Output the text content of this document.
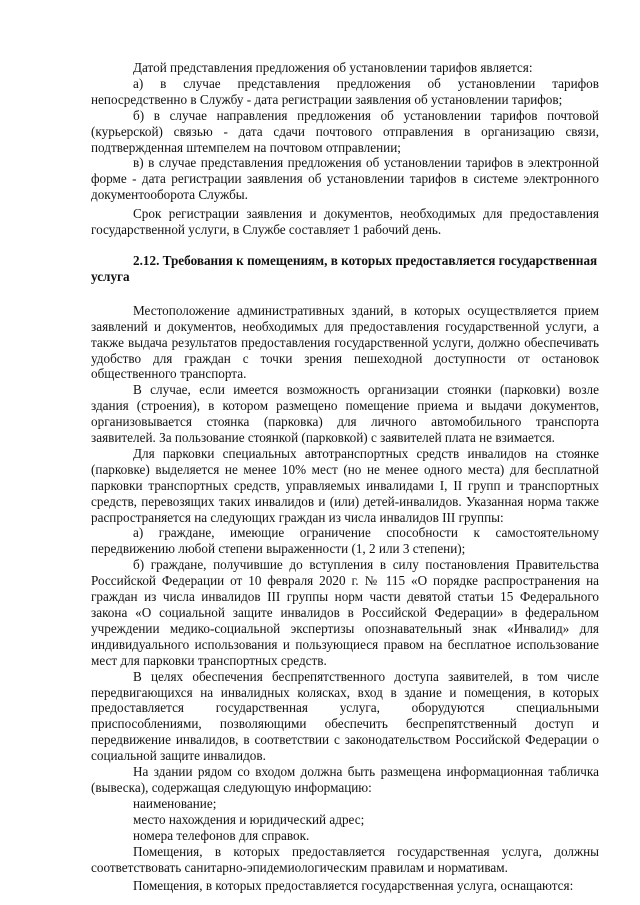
Датой представления предложения об установлении тарифов является:

а) в случае представления предложения об установлении тарифов непосредственно в Службу - дата регистрации заявления об установлении тарифов;

б) в случае направления предложения об установлении тарифов почтовой (курьерской) связью - дата сдачи почтового отправления в организацию связи, подтвержденная штемпелем на почтовом отправлении;

в) в случае представления предложения об установлении тарифов в электронной форме - дата регистрации заявления об установлении тарифов в системе электронного документооборота Службы.

Срок регистрации заявления и документов, необходимых для предоставления государственной услуги, в Службе составляет 1 рабочий день.

2.12. Требования к помещениям, в которых предоставляется государственная услуга

Местоположение административных зданий, в которых осуществляется прием заявлений и документов, необходимых для предоставления государственной услуги, а также выдача результатов предоставления государственной услуги, должно обеспечивать удобство для граждан с точки зрения пешеходной доступности от остановок общественного транспорта.

В случае, если имеется возможность организации стоянки (парковки) возле здания (строения), в котором размещено помещение приема и выдачи документов, организовывается стоянка (парковка) для личного автомобильного транспорта заявителей. За пользование стоянкой (парковкой) с заявителей плата не взимается.

Для парковки специальных автотранспортных средств инвалидов на стоянке (парковке) выделяется не менее 10% мест (но не менее одного места) для бесплатной парковки транспортных средств, управляемых инвалидами I, II групп и транспортных средств, перевозящих таких инвалидов и (или) детей-инвалидов. Указанная норма также распространяется на следующих граждан из числа инвалидов III группы:

а) граждане, имеющие ограничение способности к самостоятельному передвижению любой степени выраженности (1, 2 или 3 степени);

б) граждане, получившие до вступления в силу постановления Правительства Российской Федерации от 10 февраля 2020 г. № 115 «О порядке распространения на граждан из числа инвалидов III группы норм части девятой статьи 15 Федерального закона «О социальной защите инвалидов в Российской Федерации» в федеральном учреждении медико-социальной экспертизы опознавательный знак «Инвалид» для индивидуального использования и пользующиеся правом на бесплатное использование мест для парковки транспортных средств.

В целях обеспечения беспрепятственного доступа заявителей, в том числе передвигающихся на инвалидных колясках, вход в здание и помещения, в которых предоставляется государственная услуга, оборудуются специальными приспособлениями, позволяющими обеспечить беспрепятственный доступ и передвижение инвалидов, в соответствии с законодательством Российской Федерации о социальной защите инвалидов.

На здании рядом со входом должна быть размещена информационная табличка (вывеска), содержащая следующую информацию:

наименование;

место нахождения и юридический адрес;

номера телефонов для справок.

Помещения, в которых предоставляется государственная услуга, должны соответствовать санитарно-эпидемиологическим правилам и нормативам.

Помещения, в которых предоставляется государственная услуга, оснащаются:
